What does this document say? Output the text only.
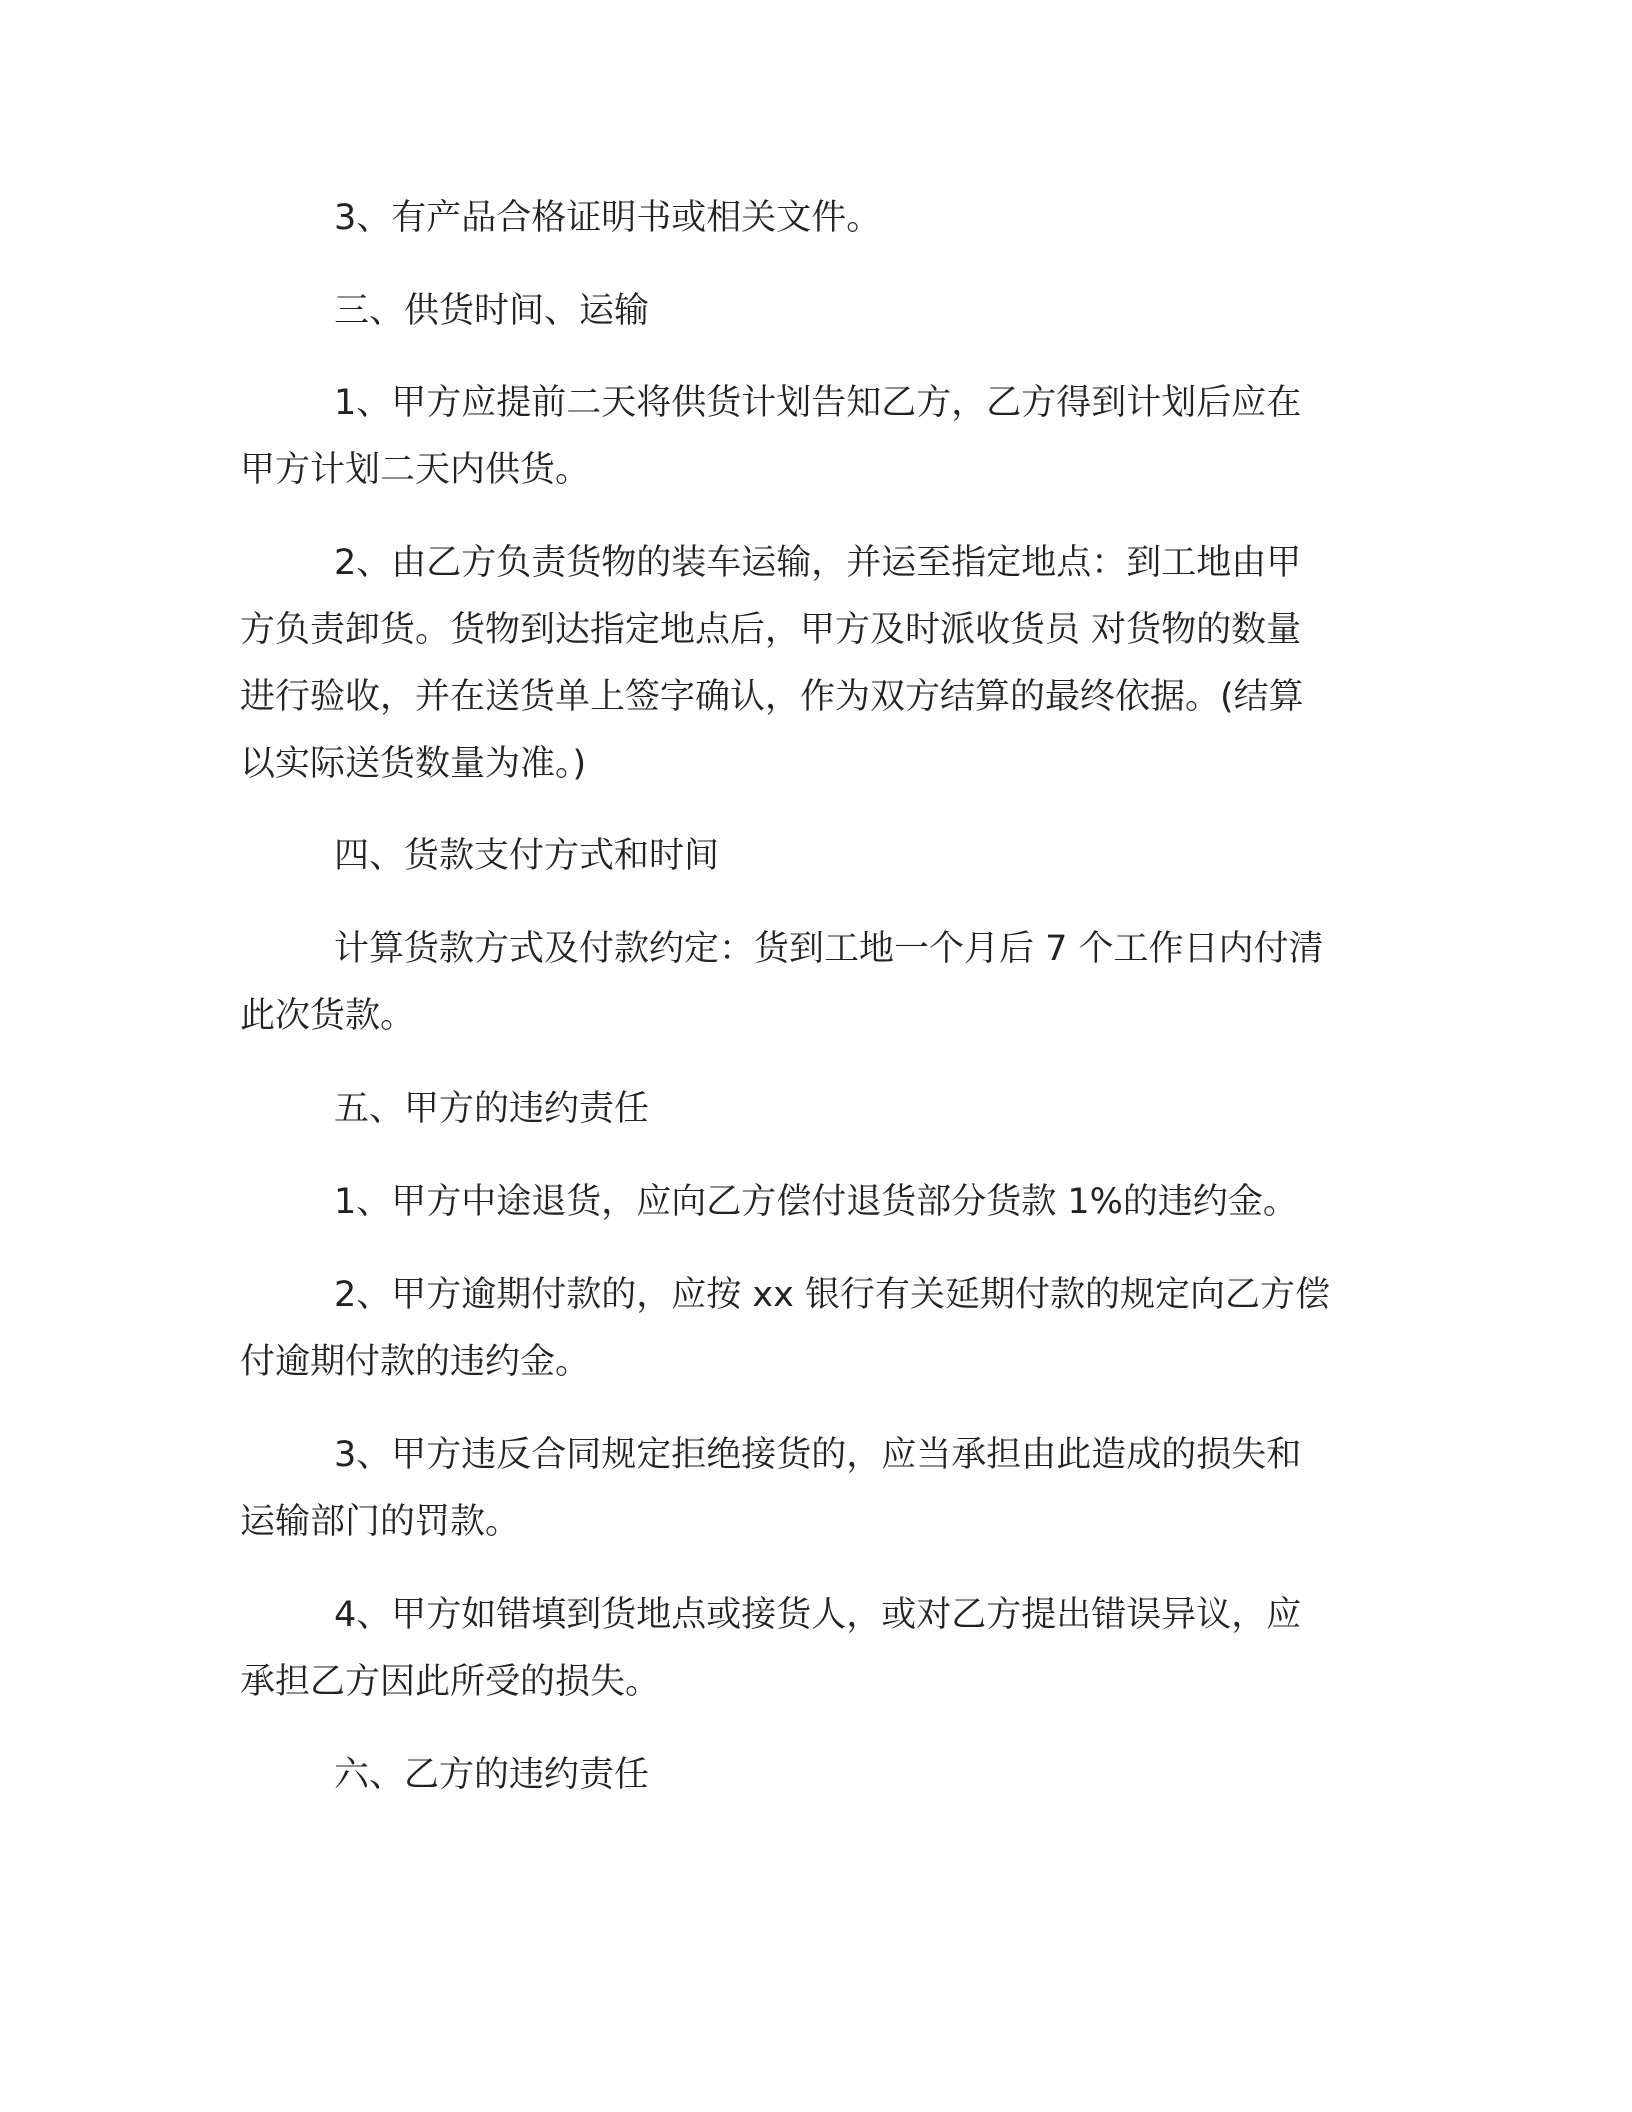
3、有产品合格证明书或相关文件。
三、供货时间、运输
1、甲方应提前二天将供货计划告知乙方，乙方得到计划后应在
甲方计划二天内供货。
2、由乙方负责货物的装车运输，并运至指定地点：到工地由甲
方负责卸货。货物到达指定地点后，甲方及时派收货员 对货物的数量
进行验收，并在送货单上签字确认，作为双方结算的最终依据。(结算
以实际送货数量为准。)
四、货款支付方式和时间
计算货款方式及付款约定：货到工地一个月后 7 个工作日内付清
此次货款。
五、甲方的违约责任
1、甲方中途退货，应向乙方偿付退货部分货款 1%的违约金。
2、甲方逾期付款的，应按 xx 银行有关延期付款的规定向乙方偿
付逾期付款的违约金。
3、甲方违反合同规定拒绝接货的，应当承担由此造成的损失和
运输部门的罚款。
4、甲方如错填到货地点或接货人，或对乙方提出错误异议，应
承担乙方因此所受的损失。
六、乙方的违约责任
